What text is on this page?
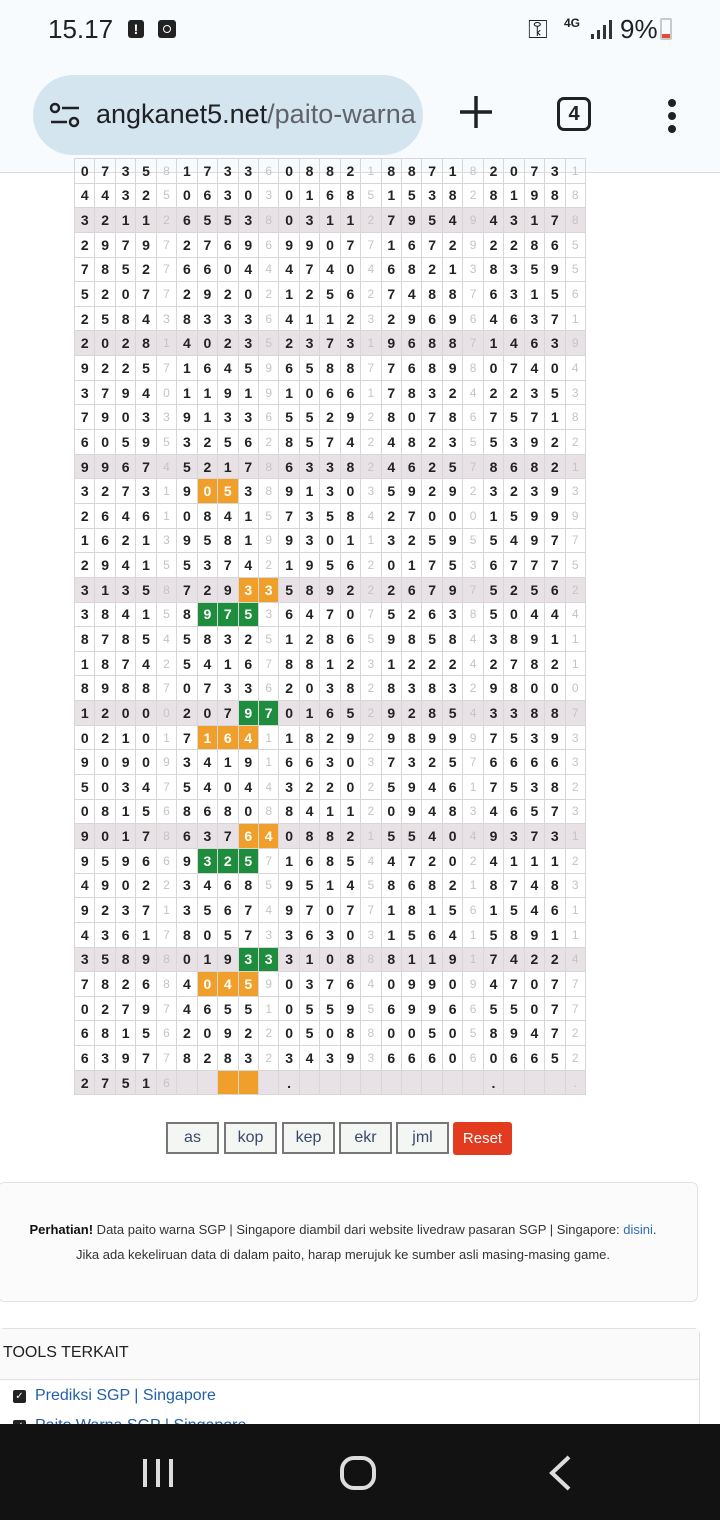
15.17	!	⚿ 4G 9%
angkanet5.net/paito-warna	4
0	7	3	5	8	1	7	3	3	6	0	8	8	2	1	8	8	7	1	8	2	0	7	3	1
4	4	3	2	5	0	6	3	0	3	0	1	6	8	5	1	5	3	8	2	8	1	9	8	8
3	2	1	1	2	6	5	5	3	8	0	3	1	1	2	7	9	5	4	9	4	3	1	7	8
2	9	7	9	7	2	7	6	9	6	9	9	0	7	7	1	6	7	2	9	2	2	8	6	5
7	8	5	2	7	6	6	0	4	4	4	7	4	0	4	6	8	2	1	3	8	3	5	9	5
5	2	0	7	7	2	9	2	0	2	1	2	5	6	2	7	4	8	8	7	6	3	1	5	6
2	5	8	4	3	8	3	3	3	6	4	1	1	2	3	2	9	6	9	6	4	6	3	7	1
2	0	2	8	1	4	0	2	3	5	2	3	7	3	1	9	6	8	8	7	1	4	6	3	9
9	2	2	5	7	1	6	4	5	9	6	5	8	8	7	7	6	8	9	8	0	7	4	0	4
3	7	9	4	0	1	1	9	1	9	1	0	6	6	1	7	8	3	2	4	2	2	3	5	3
7	9	0	3	3	9	1	3	3	6	5	5	2	9	2	8	0	7	8	6	7	5	7	1	8
6	0	5	9	5	3	2	5	6	2	8	5	7	4	2	4	8	2	3	5	5	3	9	2	2
9	9	6	7	4	5	2	1	7	8	6	3	3	8	2	4	6	2	5	7	8	6	8	2	1
3	2	7	3	1	9	0	5	3	8	9	1	3	0	3	5	9	2	9	2	3	2	3	9	3
2	6	4	6	1	0	8	4	1	5	7	3	5	8	4	2	7	0	0	0	1	5	9	9	9
1	6	2	1	3	9	5	8	1	9	9	3	0	1	1	3	2	5	9	5	5	4	9	7	7
2	9	4	1	5	5	3	7	4	2	1	9	5	6	2	0	1	7	5	3	6	7	7	7	5
3	1	3	5	8	7	2	9	3	3	5	8	9	2	2	2	6	7	9	7	5	2	5	6	2
3	8	4	1	5	8	9	7	5	3	6	4	7	0	7	5	2	6	3	8	5	0	4	4	4
8	7	8	5	4	5	8	3	2	5	1	2	8	6	5	9	8	5	8	4	3	8	9	1	1
1	8	7	4	2	5	4	1	6	7	8	8	1	2	3	1	2	2	2	4	2	7	8	2	1
8	9	8	8	7	0	7	3	3	6	2	0	3	8	2	8	3	8	3	2	9	8	0	0	0
1	2	0	0	0	2	0	7	9	7	0	1	6	5	2	9	2	8	5	4	3	3	8	8	7
0	2	1	0	1	7	1	6	4	1	1	8	2	9	2	9	8	9	9	9	7	5	3	9	3
9	0	9	0	9	3	4	1	9	1	6	6	3	0	3	7	3	2	5	7	6	6	6	6	3
5	0	3	4	7	5	4	0	4	4	3	2	2	0	2	5	9	4	6	1	7	5	3	8	2
0	8	1	5	6	8	6	8	0	8	8	4	1	1	2	0	9	4	8	3	4	6	5	7	3
9	0	1	7	8	6	3	7	6	4	0	8	8	2	1	5	5	4	0	4	9	3	7	3	1
9	5	9	6	6	9	3	2	5	7	1	6	8	5	4	4	7	2	0	2	4	1	1	1	2
4	9	0	2	2	3	4	6	8	5	9	5	1	4	5	8	6	8	2	1	8	7	4	8	3
9	2	3	7	1	3	5	6	7	4	9	7	0	7	7	1	8	1	5	6	1	5	4	6	1
4	3	6	1	7	8	0	5	7	3	3	6	3	0	3	1	5	6	4	1	5	8	9	1	1
3	5	8	9	8	0	1	9	3	3	3	1	0	8	8	8	1	1	9	1	7	4	2	2	4
7	8	2	6	8	4	0	4	5	9	0	3	7	6	4	0	9	9	0	9	4	7	0	7	7
0	2	7	9	7	4	6	5	5	1	0	5	5	9	5	6	9	9	6	6	5	5	0	7	7
6	8	1	5	6	2	0	9	2	2	0	5	0	8	8	0	0	5	0	5	8	9	4	7	2
6	3	9	7	7	8	2	8	3	2	3	4	3	9	3	6	6	6	0	6	0	6	6	5	2
2	7	5	1	6						.										.				.
as	kop	kep	ekr	jml	Reset
Perhatian! Data paito warna SGP | Singapore diambil dari website livedraw pasaran SGP | Singapore: disini. Jika ada kekeliruan data di dalam paito, harap merujuk ke sumber asli masing-masing game.
TOOLS TERKAIT
✓ Prediksi SGP | Singapore
